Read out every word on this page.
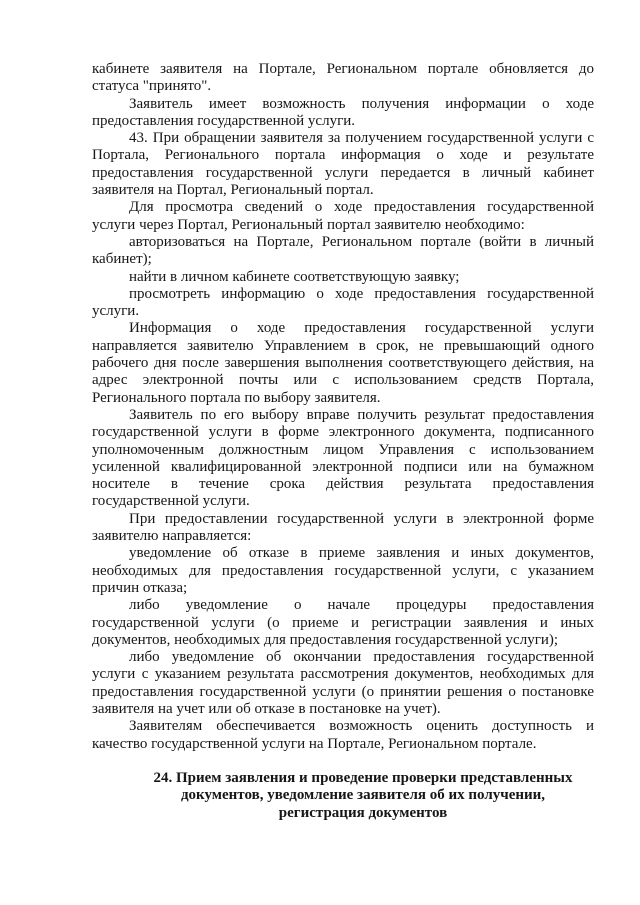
кабинете заявителя на Портале, Региональном портале обновляется до
статуса "принято".
Заявитель имеет возможность получения информации о ходе
предоставления государственной услуги.
43. При обращении заявителя за получением государственной услуги с
Портала, Регионального портала информация о ходе и результате
предоставления государственной услуги передается в личный кабинет
заявителя на Портал, Региональный портал.
Для просмотра сведений о ходе предоставления государственной
услуги через Портал, Региональный портал заявителю необходимо:
авторизоваться на Портале, Региональном портале (войти в личный
кабинет);
найти в личном кабинете соответствующую заявку;
просмотреть информацию о ходе предоставления государственной
услуги.
Информация о ходе предоставления государственной услуги
направляется заявителю Управлением в срок, не превышающий одного
рабочего дня после завершения выполнения соответствующего действия, на
адрес электронной почты или с использованием средств Портала,
Регионального портала по выбору заявителя.
Заявитель по его выбору вправе получить результат предоставления
государственной услуги в форме электронного документа, подписанного
уполномоченным должностным лицом Управления с использованием
усиленной квалифицированной электронной подписи или на бумажном
носителе в течение срока действия результата предоставления
государственной услуги.
При предоставлении государственной услуги в электронной форме
заявителю направляется:
уведомление об отказе в приеме заявления и иных документов,
необходимых для предоставления государственной услуги, с указанием
причин отказа;
либо уведомление о начале процедуры предоставления
государственной услуги (о приеме и регистрации заявления и иных
документов, необходимых для предоставления государственной услуги);
либо уведомление об окончании предоставления государственной
услуги с указанием результата рассмотрения документов, необходимых для
предоставления государственной услуги (о принятии решения о постановке
заявителя на учет или об отказе в постановке на учет).
Заявителям обеспечивается возможность оценить доступность и
качество государственной услуги на Портале, Региональном портале.
24. Прием заявления и проведение проверки представленных
документов, уведомление заявителя об их получении,
регистрация документов
